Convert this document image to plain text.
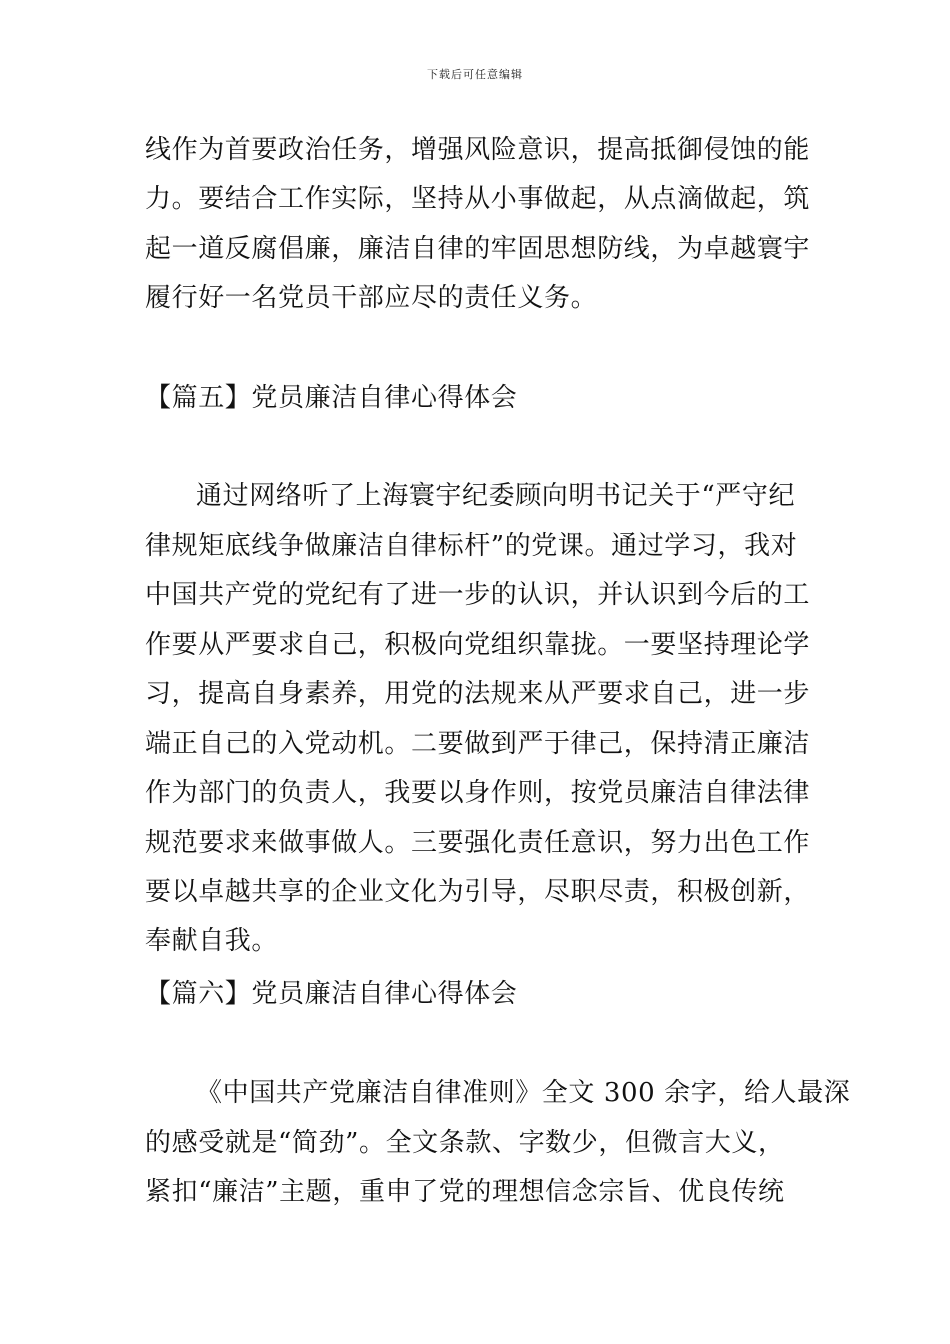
下载后可任意编辑
线作为首要政治任务，增强风险意识，提高抵御侵蚀的能
力。要结合工作实际，坚持从小事做起，从点滴做起，筑
起一道反腐倡廉，廉洁自律的牢固思想防线，为卓越寰宇
履行好一名党员干部应尽的责任义务。
【篇五】党员廉洁自律心得体会
通过网络听了上海寰宇纪委顾向明书记关于“严守纪
律规矩底线争做廉洁自律标杆”的党课。通过学习，我对
中国共产党的党纪有了进一步的认识，并认识到今后的工
作要从严要求自己，积极向党组织靠拢。一要坚持理论学
习，提高自身素养，用党的法规来从严要求自己，进一步
端正自己的入党动机。二要做到严于律己，保持清正廉洁
作为部门的负责人，我要以身作则，按党员廉洁自律法律
规范要求来做事做人。三要强化责任意识，努力出色工作
要以卓越共享的企业文化为引导，尽职尽责，积极创新，
奉献自我。
【篇六】党员廉洁自律心得体会
《中国共产党廉洁自律准则》全文 300 余字，给人最深
的感受就是“简劲”。全文条款、字数少，但微言大义，
紧扣“廉洁”主题，重申了党的理想信念宗旨、优良传统
